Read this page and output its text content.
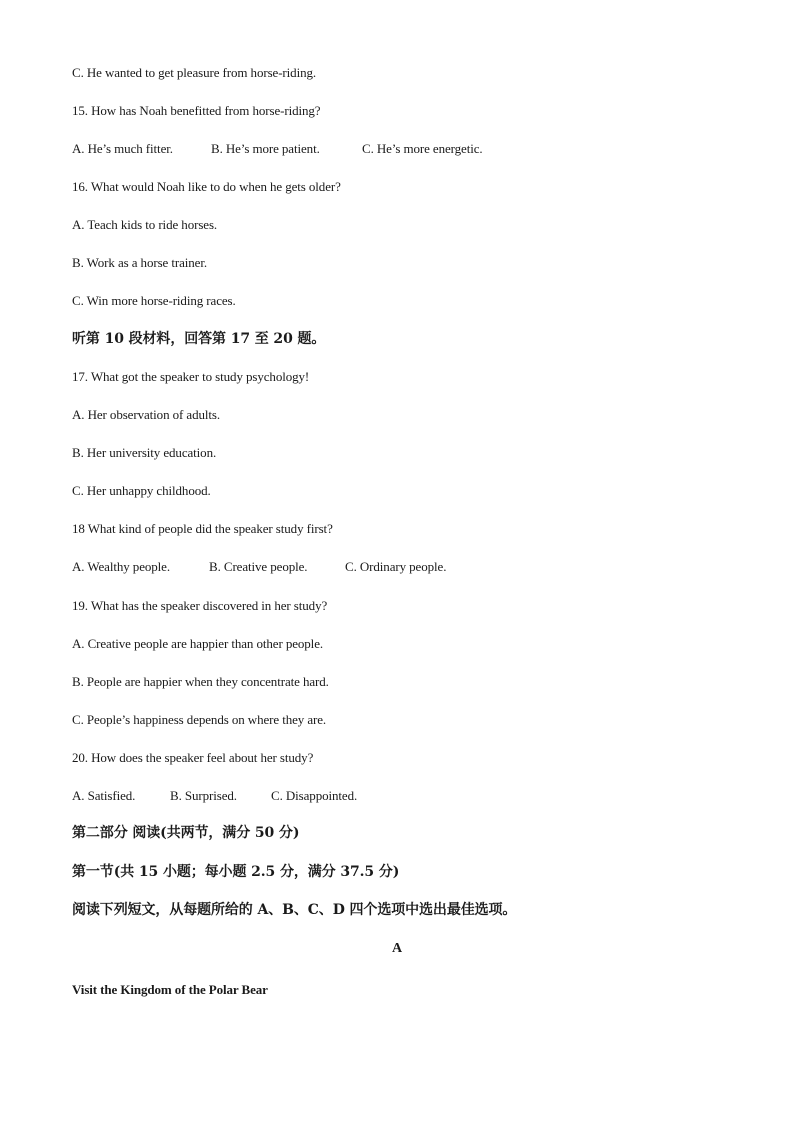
C. He wanted to get pleasure from horse-riding.
15. How has Noah benefitted from horse-riding?
A. He’s much fitter.	B. He’s more patient.	C. He’s more energetic.
16. What would Noah like to do when he gets older?
A. Teach kids to ride horses.
B. Work as a horse trainer.
C. Win more horse-riding races.
听第 10 段材料，回答第 17 至 20 题。
17. What got the speaker to study psychology!
A. Her observation of adults.
B. Her university education.
C. Her unhappy childhood.
18 What kind of people did the speaker study first?
A. Wealthy people.	B. Creative people.	C. Ordinary people.
19. What has the speaker discovered in her study?
A. Creative people are happier than other people.
B. People are happier when they concentrate hard.
C. People’s happiness depends on where they are.
20. How does the speaker feel about her study?
A. Satisfied.	B. Surprised.	C. Disappointed.
第二部分 阅读(共两节，满分 50 分)
第一节(共 15 小题；每小题 2.5 分，满分 37.5 分)
阅读下列短文，从每题所给的 A、B、C、D 四个选项中选出最佳选项。
A
Visit the Kingdom of the Polar Bear
